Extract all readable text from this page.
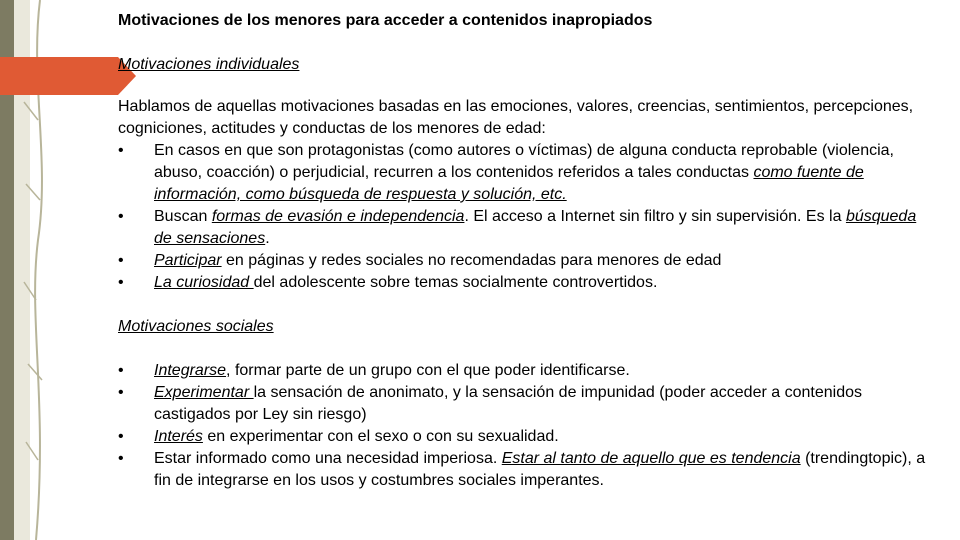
Motivaciones de los menores para acceder a contenidos inapropiados

Motivaciones individuales

Hablamos de aquellas motivaciones basadas en las emociones, valores, creencias, sentimientos, percepciones, cogniciones, actitudes y conductas de los menores de edad:

• En casos en que son protagonistas (como autores o víctimas) de alguna conducta reprobable (violencia, abuso, coacción) o perjudicial, recurren a los contenidos referidos a tales conductas como fuente de información, como búsqueda de respuesta y solución, etc.
• Buscan formas de evasión e independencia. El acceso a Internet sin filtro y sin supervisión. Es la búsqueda de sensaciones.
• Participar en páginas y redes sociales no recomendadas para menores de edad
• La curiosidad del adolescente sobre temas socialmente controvertidos.

Motivaciones sociales

• Integrarse, formar parte de un grupo con el que poder identificarse.
• Experimentar la sensación de anonimato, y la sensación de impunidad (poder acceder a contenidos castigados por Ley sin riesgo)
• Interés en experimentar con el sexo o con su sexualidad.
• Estar informado como una necesidad imperiosa. Estar al tanto de aquello que es tendencia (trendingtopic), a fin de integrarse en los usos y costumbres sociales imperantes.
